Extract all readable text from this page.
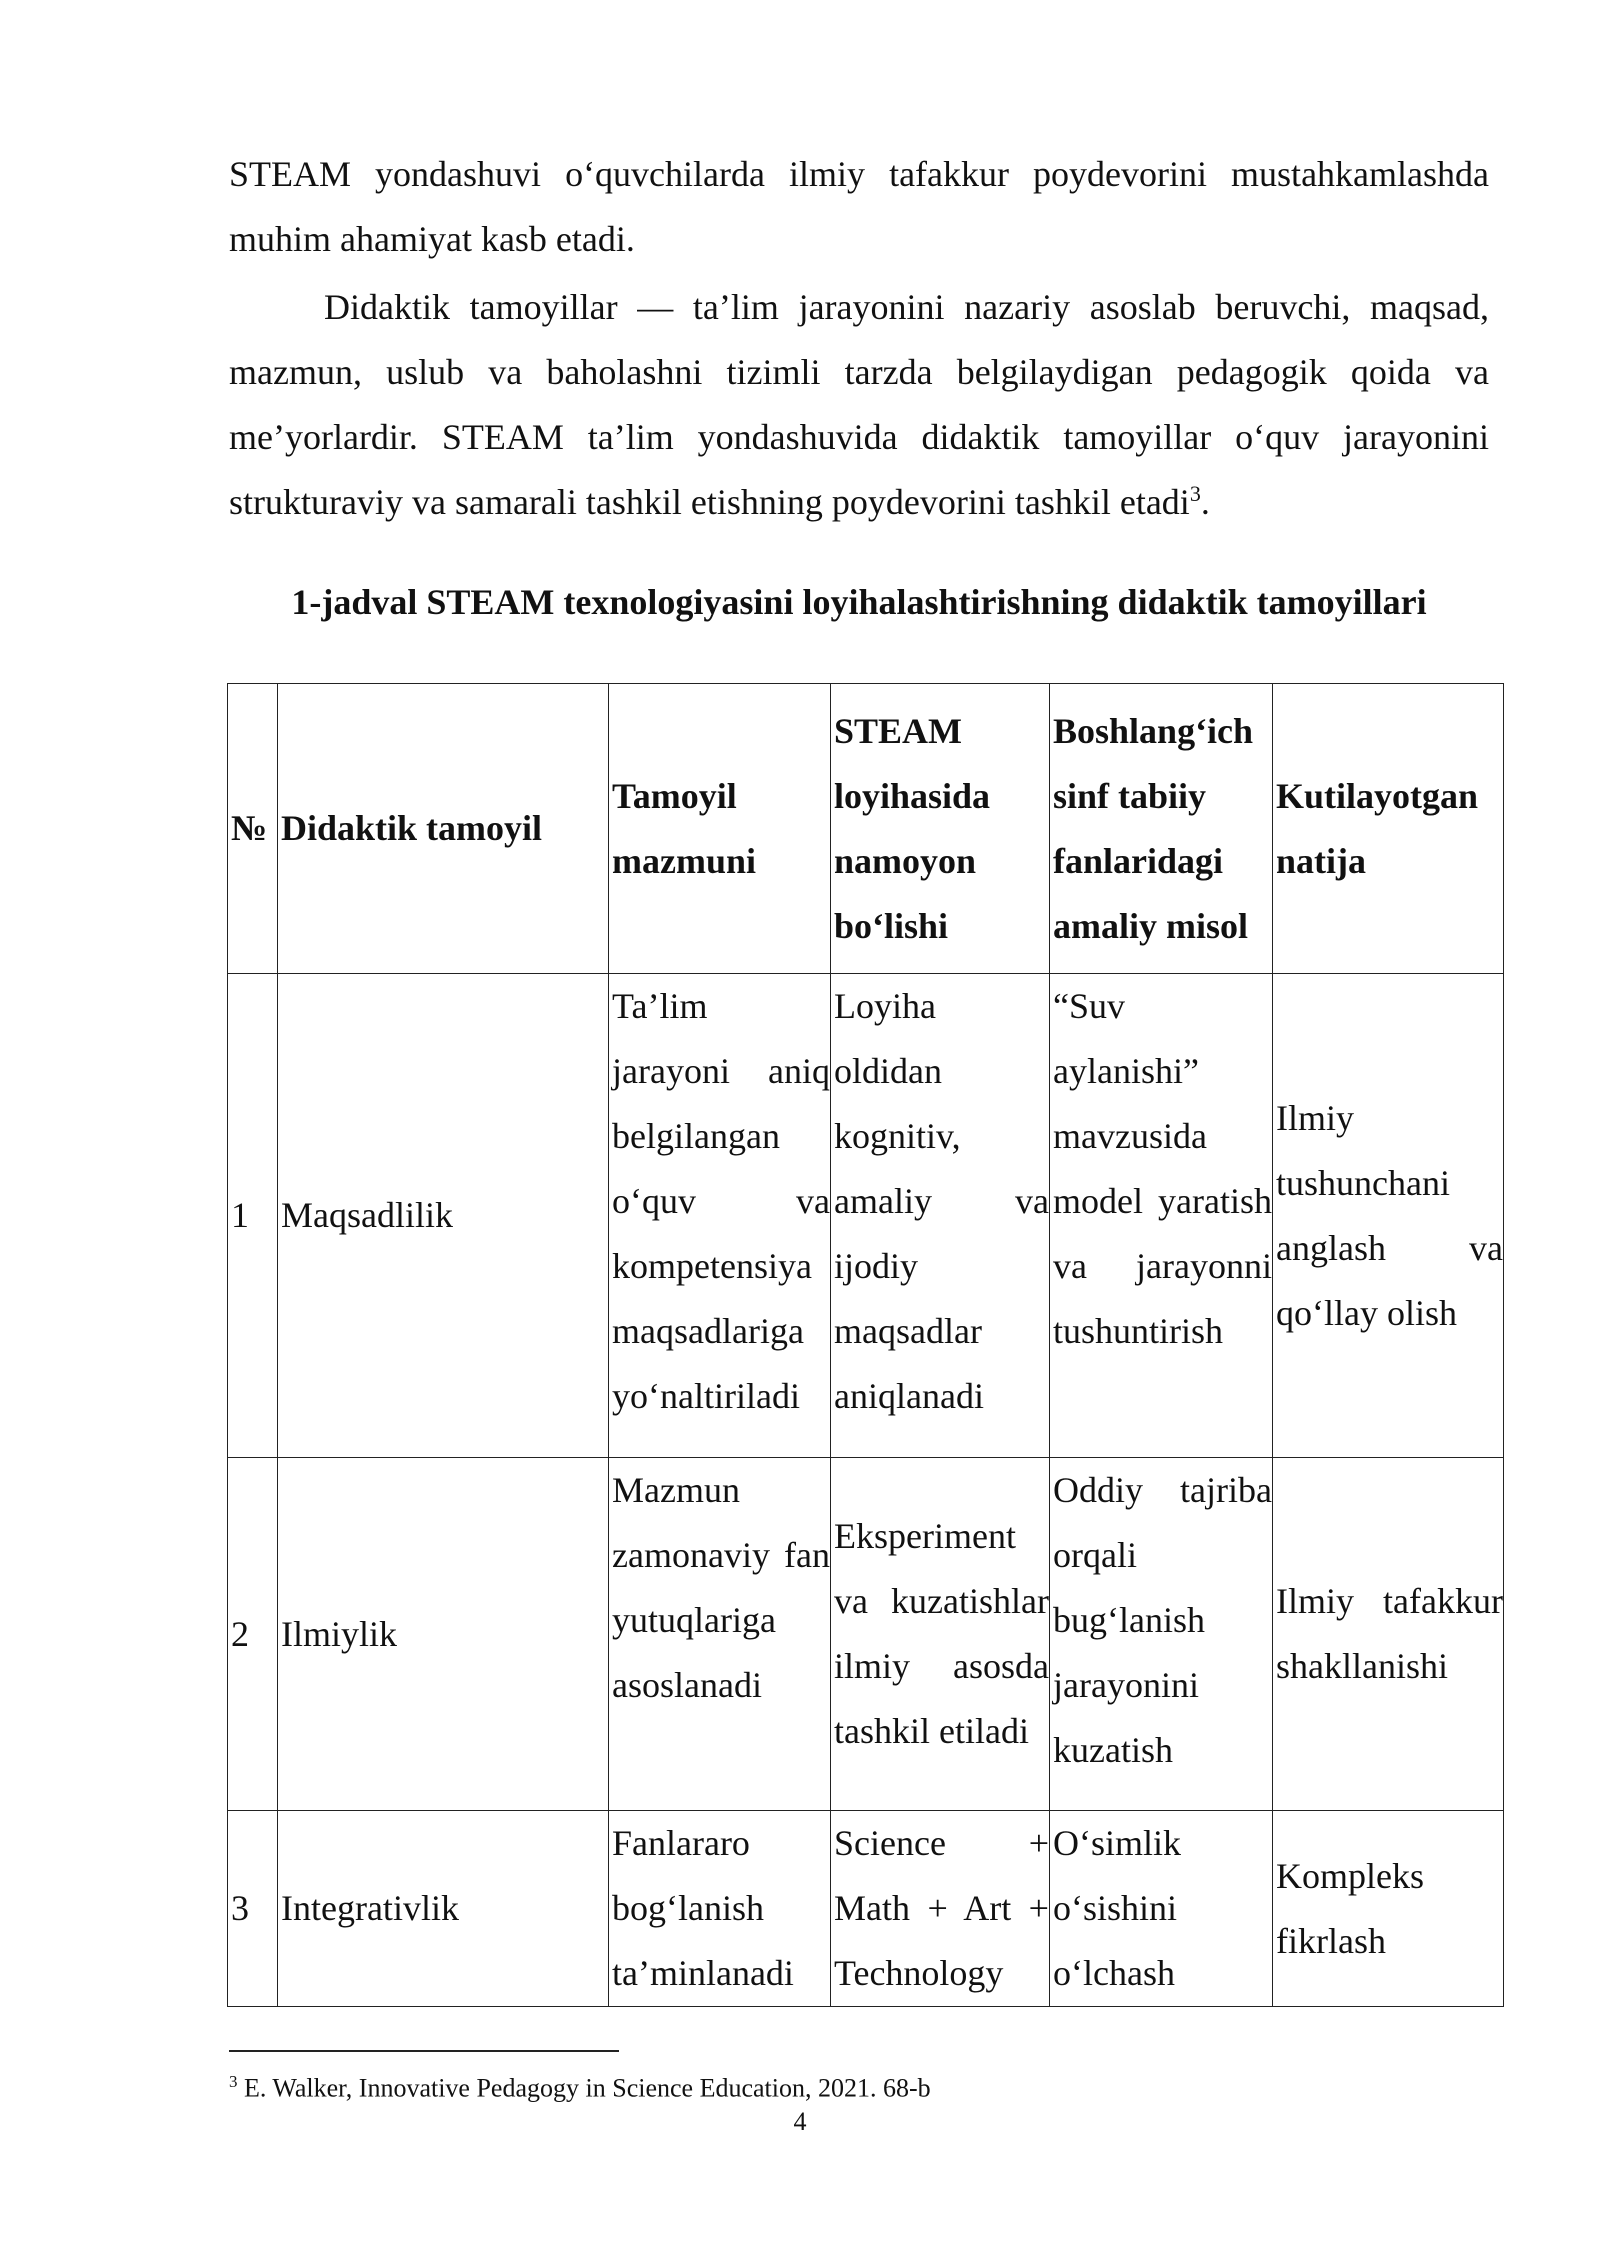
STEAM yondashuvi o‘quvchilarda ilmiy tafakkur poydevorini mustahkamlashda muhim ahamiyat kasb etadi.

Didaktik tamoyillar — ta’lim jarayonini nazariy asoslab beruvchi, maqsad, mazmun, uslub va baholashni tizimli tarzda belgilaydigan pedagogik qoida va me’yorlardir. STEAM ta’lim yondashuvida didaktik tamoyillar o‘quv jarayonini strukturaviy va samarali tashkil etishning poydevorini tashkil etadi$^3$.

1-jadval STEAM texnologiyasini loyihalashtirishning didaktik tamoyillari

№	Didaktik tamoyil	Tamoyil mazmuni	STEAM loyihasida namoyon bo‘lishi	Boshlang‘ich sinf tabiiy fanlaridagi amaliy misol	Kutilayotgan natija
1	Maqsadlilik	Ta’lim jarayoni aniq belgilangan o‘quv va kompetensiya maqsadlariga yo‘naltiriladi	Loyiha oldidan kognitiv, amaliy va ijodiy maqsadlar aniqlanadi	“Suv aylanishi” mavzusida model yaratish va jarayonni tushuntirish	Ilmiy tushunchani anglash va qo‘llay olish
2	Ilmiylik	Mazmun zamonaviy fan yutuqlariga asoslanadi	Eksperiment va kuzatishlar ilmiy asosda tashkil etiladi	Oddiy tajriba orqali bug‘lanish jarayonini kuzatish	Ilmiy tafakkur shakllanishi
3	Integrativlik	Fanlararo bog‘lanish ta’minlanadi	Science + Math + Art + Technology	O‘simlik o‘sishini o‘lchash	Kompleks fikrlash

$^3$ E. Walker, Innovative Pedagogy in Science Education, 2021. 68-b

4
